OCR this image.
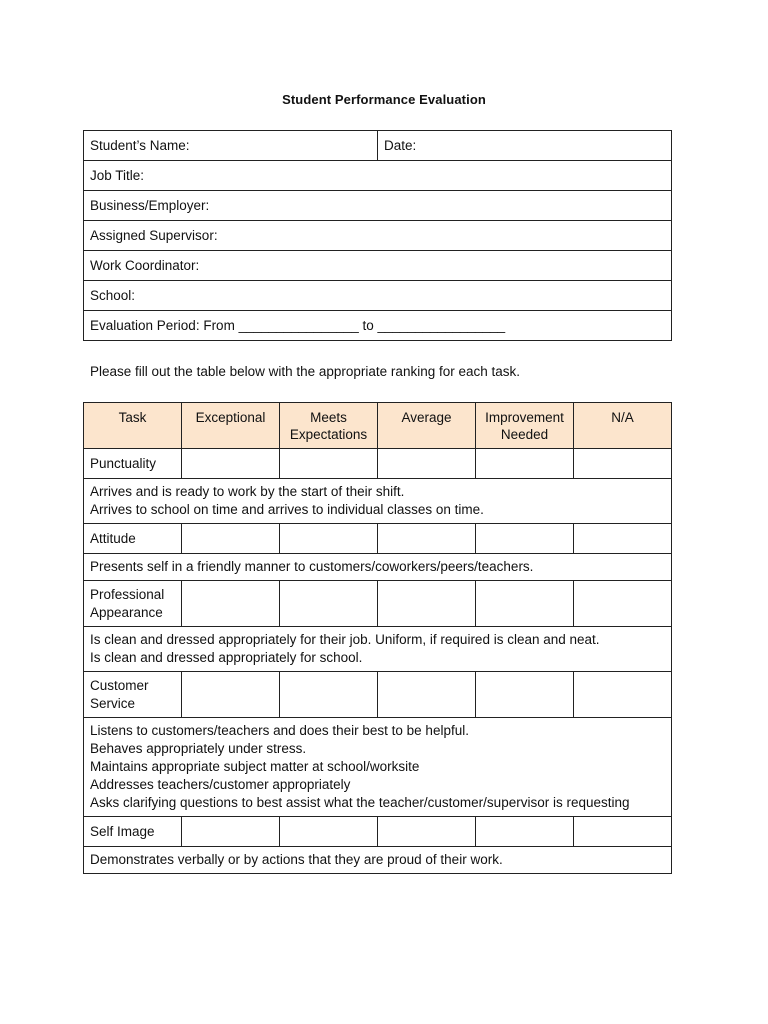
Student Performance Evaluation
Student’s Name:	Date:
Job Title:
Business/Employer:
Assigned Supervisor:
Work Coordinator:
School:
Evaluation Period: From ________________ to _________________
Please fill out the table below with the appropriate ranking for each task.
Task	Exceptional	Meets Expectations	Average	Improvement Needed	N/A
Punctuality					

Arrives and is ready to work by the start of their shift.
Arrives to school on time and arrives to individual classes on time.					

Attitude					

Presents self in a friendly manner to customers/coworkers/peers/teachers.					

Professional Appearance					

Is clean and dressed appropriately for their job. Uniform, if required is clean and neat.
Is clean and dressed appropriately for school.					

Customer Service					

Listens to customers/teachers and does their best to be helpful.
Behaves appropriately under stress.
Maintains appropriate subject matter at school/worksite
Addresses teachers/customer appropriately
Asks clarifying questions to best assist what the teacher/customer/supervisor is requesting					

Self Image					

Demonstrates verbally or by actions that they are proud of their work.					
